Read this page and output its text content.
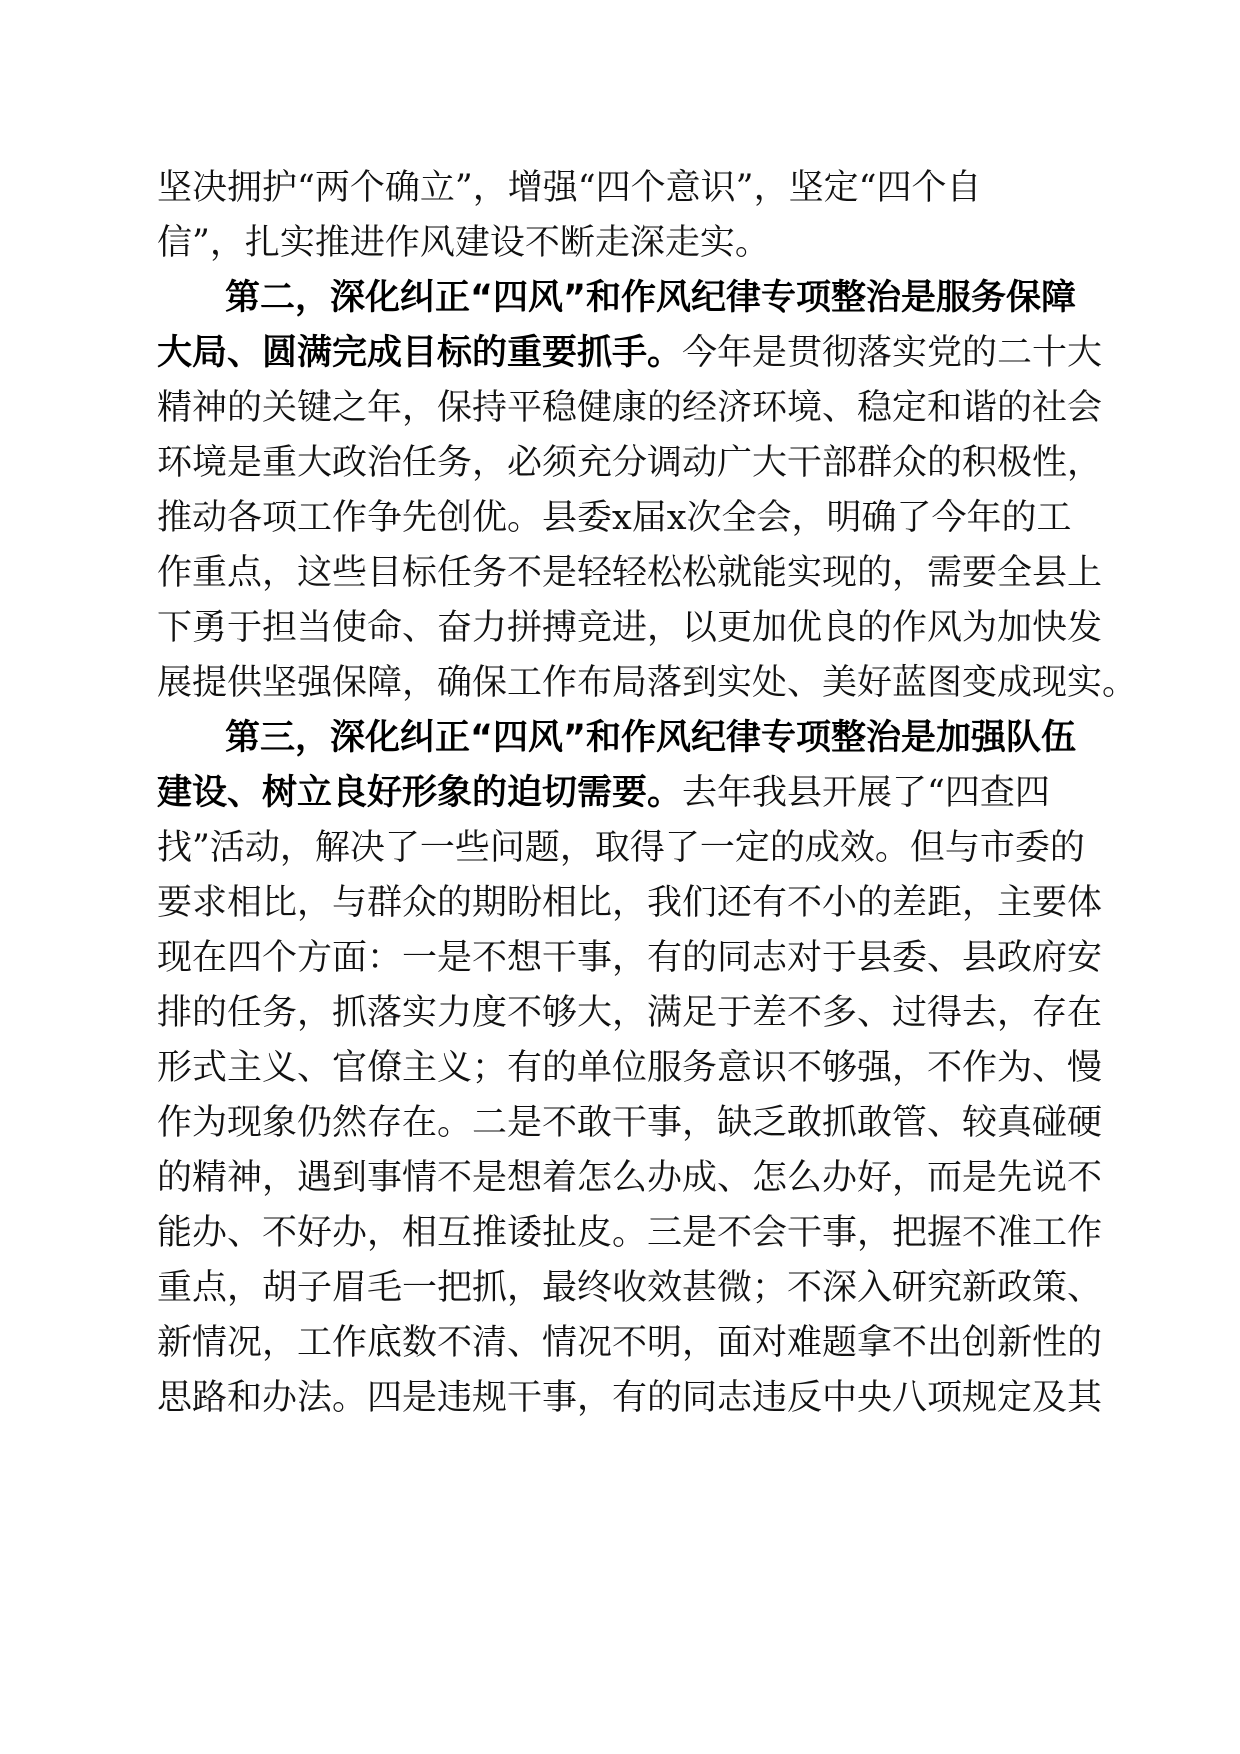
坚决拥护“两个确立”，增强“四个意识”，坚定“四个自
信”，扎实推进作风建设不断走深走实。
第二，深化纠正“四风”和作风纪律专项整治是服务保障
大局、圆满完成目标的重要抓手。今年是贯彻落实党的二十大
精神的关键之年，保持平稳健康的经济环境、稳定和谐的社会
环境是重大政治任务，必须充分调动广大干部群众的积极性，
推动各项工作争先创优。县委x届x次全会，明确了今年的工
作重点，这些目标任务不是轻轻松松就能实现的，需要全县上
下勇于担当使命、奋力拼搏竞进，以更加优良的作风为加快发
展提供坚强保障，确保工作布局落到实处、美好蓝图变成现实。
第三，深化纠正“四风”和作风纪律专项整治是加强队伍
建设、树立良好形象的迫切需要。去年我县开展了“四查四
找”活动，解决了一些问题，取得了一定的成效。但与市委的
要求相比，与群众的期盼相比，我们还有不小的差距，主要体
现在四个方面：一是不想干事，有的同志对于县委、县政府安
排的任务，抓落实力度不够大，满足于差不多、过得去，存在
形式主义、官僚主义；有的单位服务意识不够强，不作为、慢
作为现象仍然存在。二是不敢干事，缺乏敢抓敢管、较真碰硬
的精神，遇到事情不是想着怎么办成、怎么办好，而是先说不
能办、不好办，相互推诿扯皮。三是不会干事，把握不准工作
重点，胡子眉毛一把抓，最终收效甚微；不深入研究新政策、
新情况，工作底数不清、情况不明，面对难题拿不出创新性的
思路和办法。四是违规干事，有的同志违反中央八项规定及其
